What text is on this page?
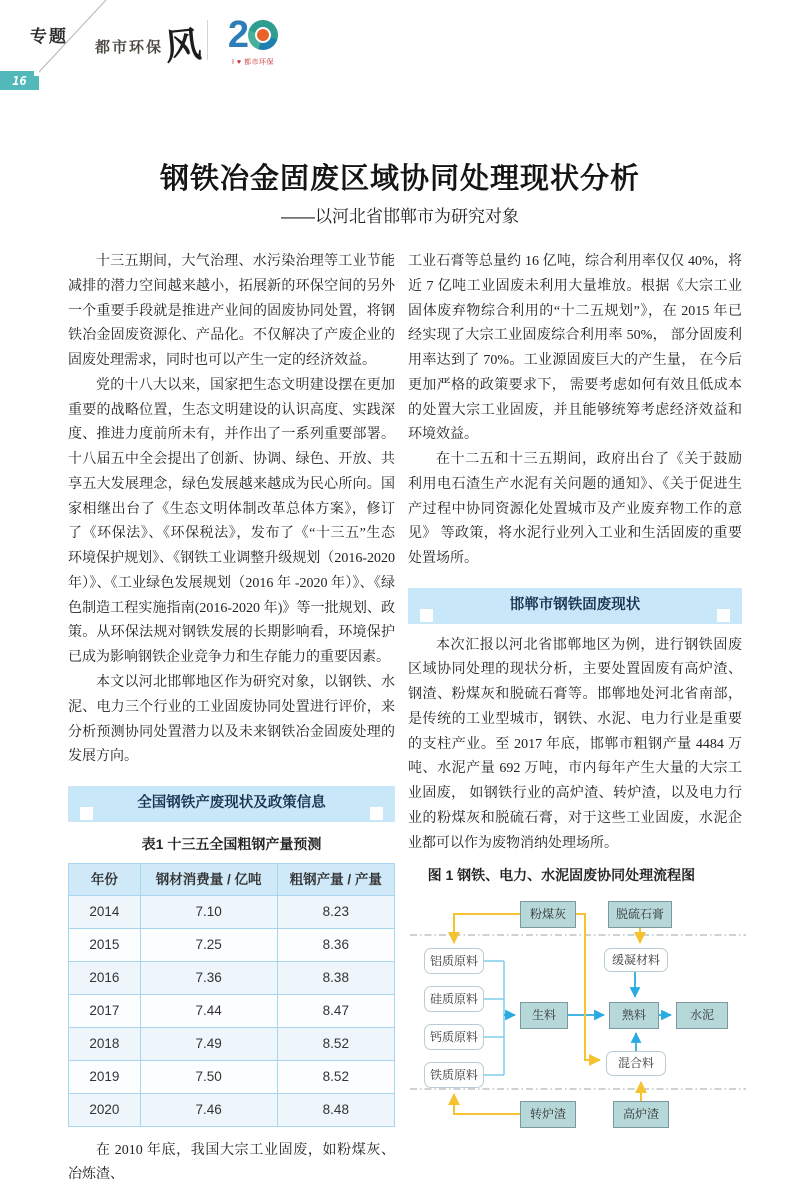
专题
16
都市环保 风 2
I ♥ 都市环保
钢铁冶金固废区域协同处理现状分析
——以河北省邯郸市为研究对象

十三五期间，大气治理、水污染治理等工业节能减排的潜力空间越来越小，拓展新的环保空间的另外一个重要手段就是推进产业间的固废协同处置，将钢铁冶金固废资源化、产品化。不仅解决了产废企业的固废处理需求，同时也可以产生一定的经济效益。

党的十八大以来，国家把生态文明建设摆在更加重要的战略位置，生态文明建设的认识高度、实践深度、推进力度前所未有，并作出了一系列重要部署。十八届五中全会提出了创新、协调、绿色、开放、共享五大发展理念，绿色发展越来越成为民心所向。国家相继出台了《生态文明体制改革总体方案》，修订了《环保法》、《环保税法》，发布了《“十三五”生态环境保护规划》、《钢铁工业调整升级规划（2016-2020 年）》、《工业绿色发展规划（2016 年 -2020 年）》、《绿色制造工程实施指南(2016-2020 年)》等一批规划、政策。从环保法规对钢铁发展的长期影响看，环境保护已成为影响钢铁企业竞争力和生存能力的重要因素。

本文以河北邯郸地区作为研究对象，以钢铁、水泥、电力三个行业的工业固废协同处置进行评价，来分析预测协同处置潜力以及未来钢铁冶金固废处理的发展方向。

全国钢铁产废现状及政策信息
表1 十三五全国粗钢产量预测
年份	钢材消费量 / 亿吨	粗钢产量 / 产量
2014	7.10	8.23
2015	7.25	8.36
2016	7.36	8.38
2017	7.44	8.47
2018	7.49	8.52
2019	7.50	8.52
2020	7.46	8.48

在 2010 年底，我国大宗工业固废，如粉煤灰、冶炼渣、

工业石膏等总量约 16 亿吨，综合利用率仅仅 40%，将近 7 亿吨工业固废未利用大量堆放。根据《大宗工业固体废弃物综合利用的“十二五规划”》，在 2015 年已经实现了大宗工业固废综合利用率 50%， 部分固废利用率达到了 70%。工业源固废巨大的产生量， 在今后更加严格的政策要求下， 需要考虑如何有效且低成本的处置大宗工业固废，并且能够统筹考虑经济效益和环境效益。

在十二五和十三五期间，政府出台了《关于鼓励利用电石渣生产水泥有关问题的通知》、《关于促进生产过程中协同资源化处置城市及产业废弃物工作的意见》 等政策，将水泥行业列入工业和生活固废的重要处置场所。

邯郸市钢铁固废现状

本次汇报以河北省邯郸地区为例，进行钢铁固废区域协同处理的现状分析，主要处置固废有高炉渣、钢渣、粉煤灰和脱硫石膏等。邯郸地处河北省南部，是传统的工业型城市，钢铁、水泥、电力行业是重要的支柱产业。至 2017 年底，邯郸市粗钢产量 4484 万吨、水泥产量 692 万吨，市内每年产生大量的大宗工业固废， 如钢铁行业的高炉渣、转炉渣，以及电力行业的粉煤灰和脱硫石膏，对于这些工业固废，水泥企业都可以作为废物消纳处理场所。

图 1 钢铁、电力、水泥固废协同处理流程图
粉煤灰	脱硫石膏
铝质原料
硅质原料
钙质原料
铁质原料
生料
缓凝材料
熟料	水泥
混合料
转炉渣	高炉渣
